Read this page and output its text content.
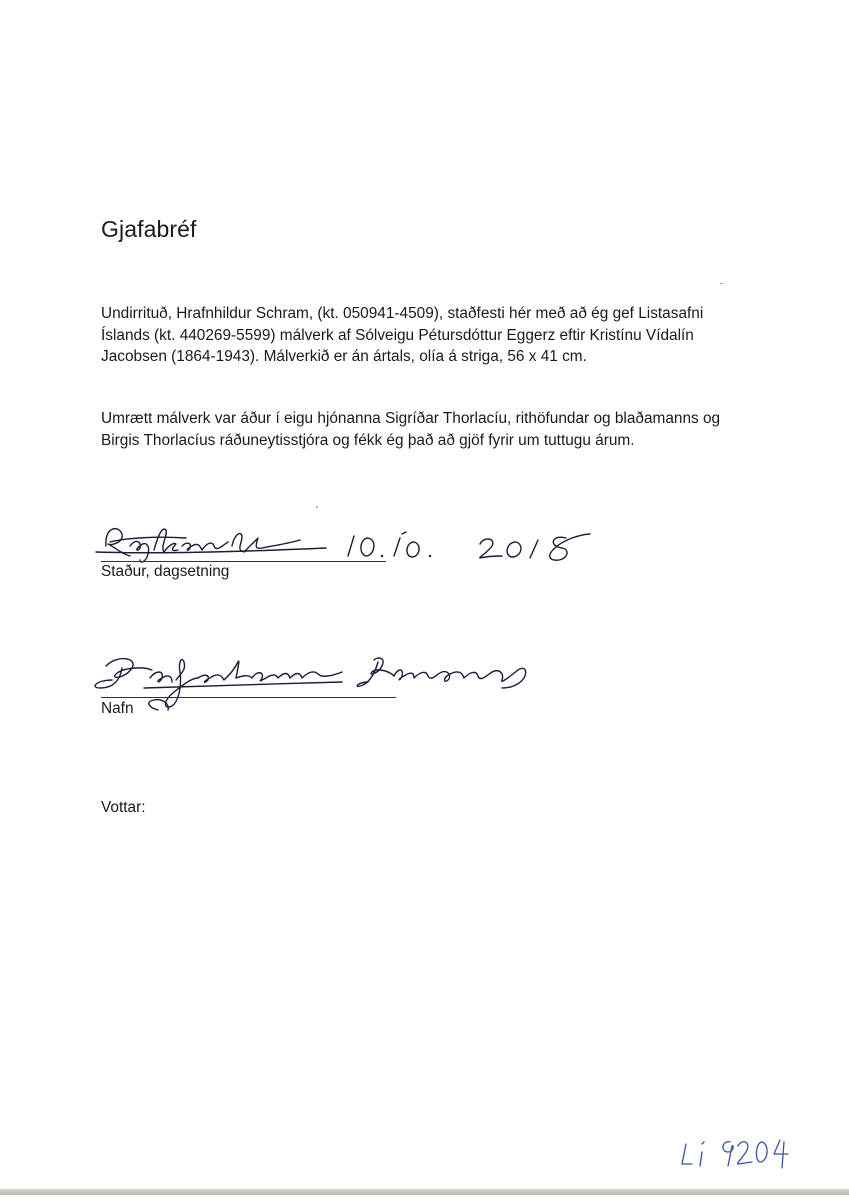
Gjafabréf

Undirrituð, Hrafnhildur Schram, (kt. 050941-4509), staðfesti hér með að ég gef Listasafni Íslands (kt. 440269-5599) málverk af Sólveigu Pétursdóttur Eggerz eftir Kristínu Vídalín Jacobsen (1864-1943). Málverkið er án ártals, olía á striga, 56 x 41 cm.

Umrætt málverk var áður í eigu hjónanna Sigríðar Thorlacíu, rithöfundar og blaðamanns og Birgis Thorlacíus ráðuneytisstjóra og fékk ég það að gjöf fyrir um tuttugu árum.

Staður, dagsetning
Nafn
Vottar:
